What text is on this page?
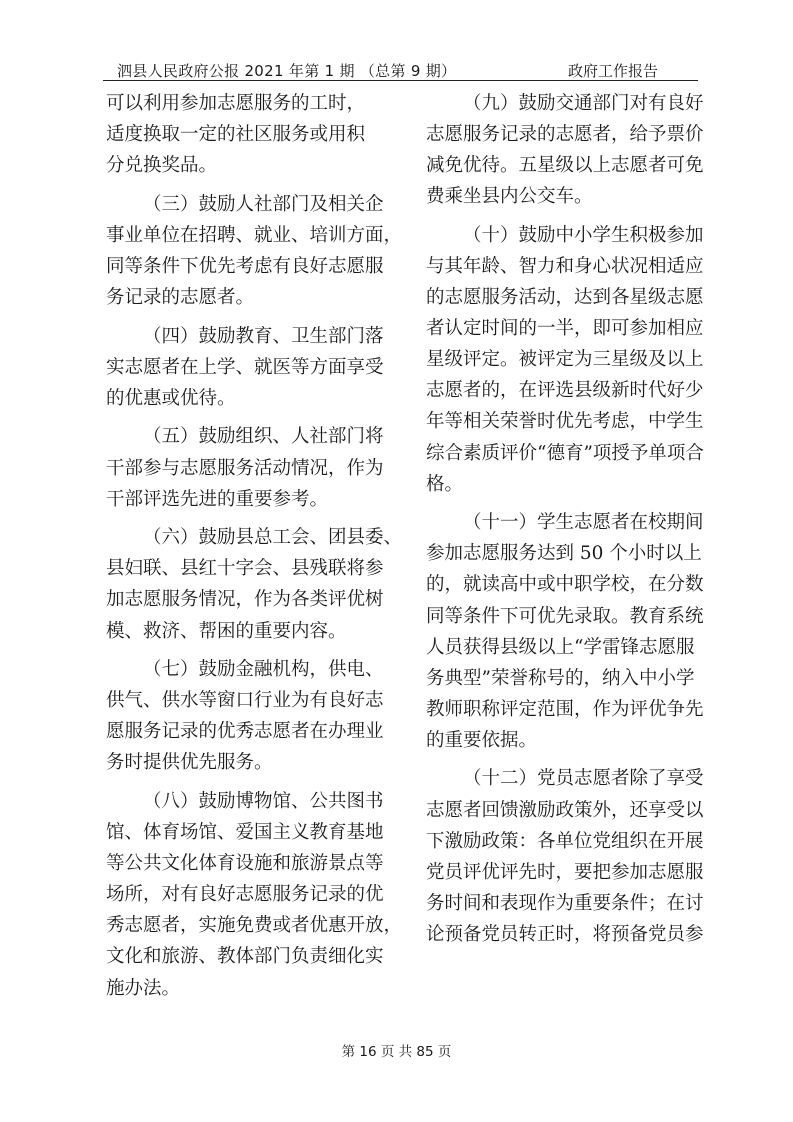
泗县人民政府公报 2021 年第 1 期 （总第 9 期）	政府工作报告
可以利用参加志愿服务的工时，
适度换取一定的社区服务或用积
分兑换奖品。
（三）鼓励人社部门及相关企
事业单位在招聘、就业、培训方面，
同等条件下优先考虑有良好志愿服
务记录的志愿者。
（四）鼓励教育、卫生部门落
实志愿者在上学、就医等方面享受
的优惠或优待。
（五）鼓励组织、人社部门将
干部参与志愿服务活动情况，作为
干部评选先进的重要参考。
（六）鼓励县总工会、团县委、
县妇联、县红十字会、县残联将参
加志愿服务情况，作为各类评优树
模、救济、帮困的重要内容。
（七）鼓励金融机构，供电、
供气、供水等窗口行业为有良好志
愿服务记录的优秀志愿者在办理业
务时提供优先服务。
（八）鼓励博物馆、公共图书
馆、体育场馆、爱国主义教育基地
等公共文化体育设施和旅游景点等
场所，对有良好志愿服务记录的优
秀志愿者，实施免费或者优惠开放，
文化和旅游、教体部门负责细化实
施办法。
（九）鼓励交通部门对有良好
志愿服务记录的志愿者，给予票价
减免优待。五星级以上志愿者可免
费乘坐县内公交车。
（十）鼓励中小学生积极参加
与其年龄、智力和身心状况相适应
的志愿服务活动，达到各星级志愿
者认定时间的一半，即可参加相应
星级评定。被评定为三星级及以上
志愿者的，在评选县级新时代好少
年等相关荣誉时优先考虑，中学生
综合素质评价“德育”项授予单项合
格。
（十一）学生志愿者在校期间
参加志愿服务达到 50 个小时以上
的，就读高中或中职学校，在分数
同等条件下可优先录取。教育系统
人员获得县级以上“学雷锋志愿服
务典型”荣誉称号的，纳入中小学
教师职称评定范围，作为评优争先
的重要依据。
（十二）党员志愿者除了享受
志愿者回馈激励政策外，还享受以
下激励政策：各单位党组织在开展
党员评优评先时，要把参加志愿服
务时间和表现作为重要条件；在讨
论预备党员转正时，将预备党员参
第 16 页 共 85 页
